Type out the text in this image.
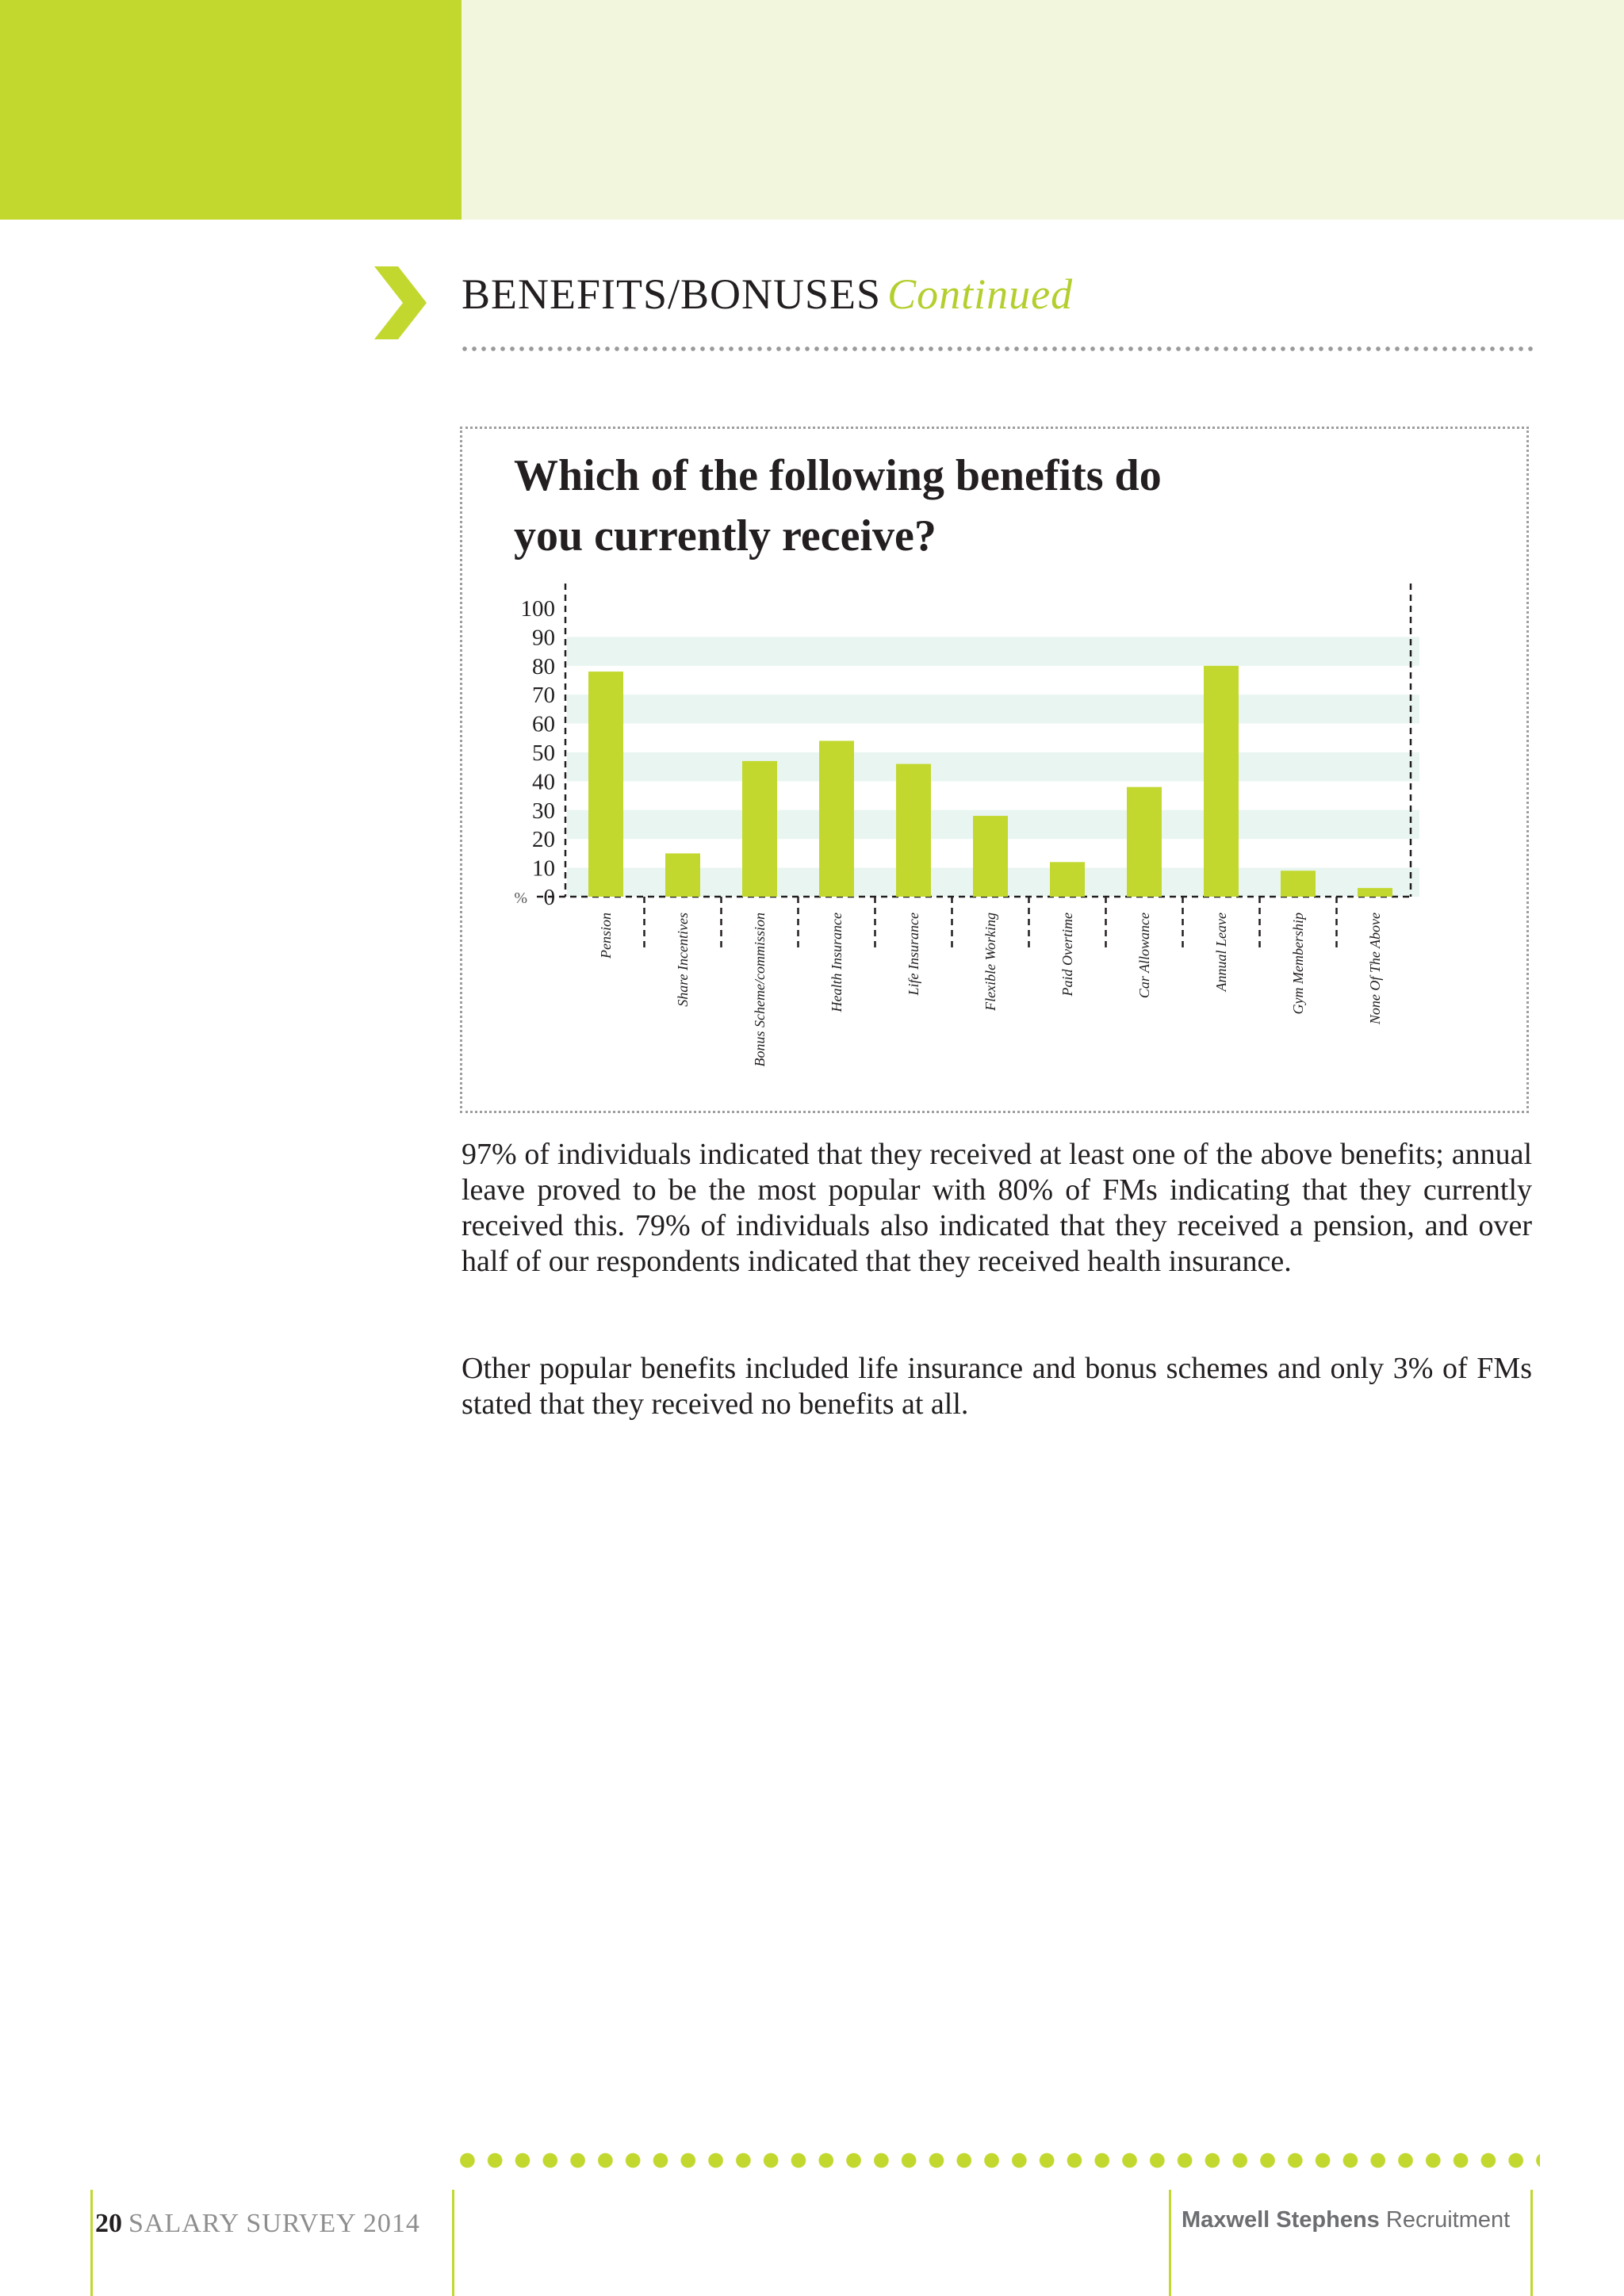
BENEFITS/BONUSES Continued
Which of the following benefits do
you currently receive?
100
90
80
70
60
50
40
30
20
10
0
%
Pension	Share Incentives	Bonus Scheme/commission	Health Insurance	Life Insurance	Flexible Working	Paid Overtime	Car Allowance	Annual Leave	Gym Membership	None Of The Above

97% of individuals indicated that they received at least one of the above benefits; annual leave proved to be the most popular with 80% of FMs indicating that they currently received this. 79% of individuals also indicated that they received a pension, and over half of our respondents indicated that they received health insurance.

Other popular benefits included life insurance and bonus schemes and only 3% of FMs stated that they received no benefits at all.

20 SALARY SURVEY 2014	Maxwell Stephens Recruitment
